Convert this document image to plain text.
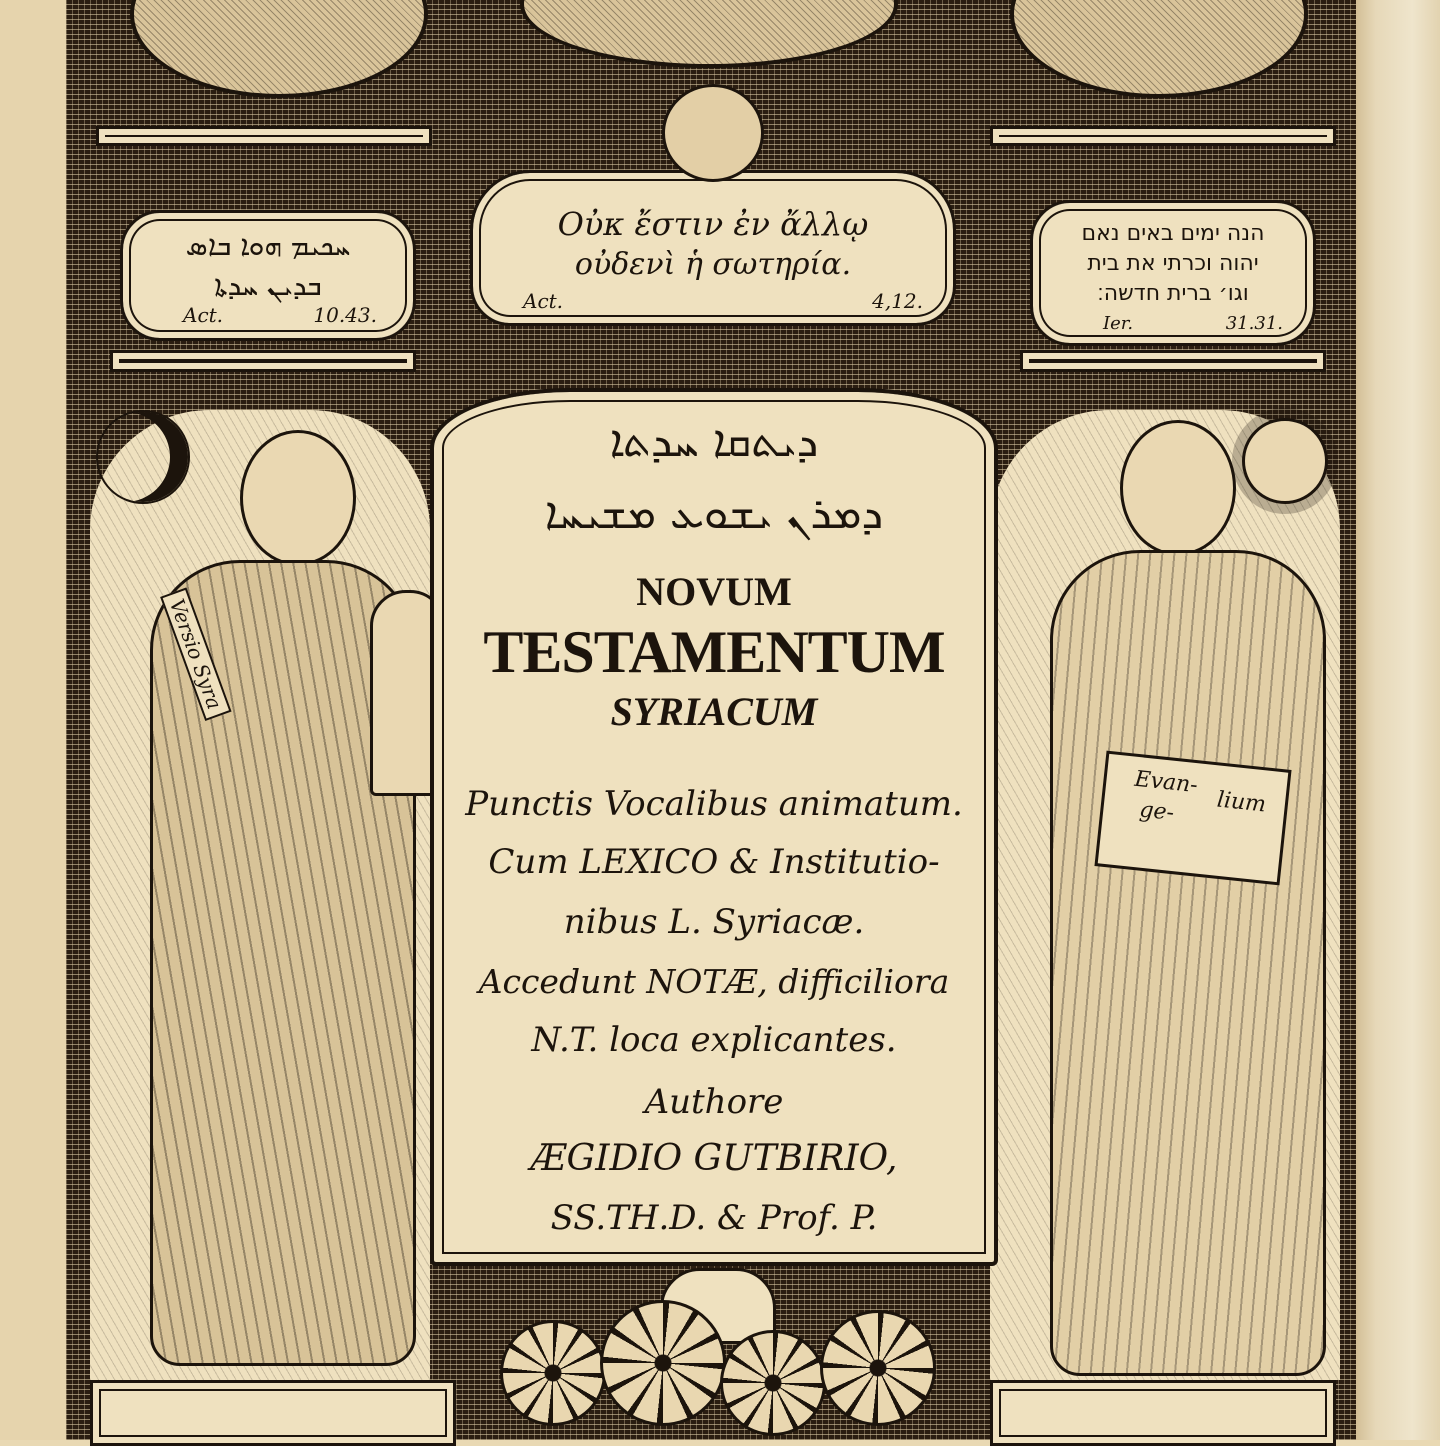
Οὐκ ἔστιν ἐν ἄλλῳ
οὐδενὶ ἡ σωτηρία.
Act.	4,12.
ܚܟܝܡ ܗܘܐ ܒܐܣ
ܒܕܝܢ ܚܕܬܐ
Act.	10.43.
הנה ימים באים נאם
יהוה וכרתי את בית
וגו׳ ברית חדשה׃
Ier.	31.31.
Versio Syra
Evan-
ge- lium
ܕܝܬܩܐ ܚܕܬܐ
ܕܡܪܢ ܝܫܘܥ ܡܫܝܚܐ
NOVUM
TESTAMENTUM
SYRIACUM
Punctis Vocalibus animatum.
Cum LEXICO & Institutio-
nibus L. Syriacæ.
Accedunt NOTÆ, difficiliora
N.T. loca explicantes.
Authore
ÆGIDIO GUTBIRIO,
SS.TH.D. & Prof. P.
